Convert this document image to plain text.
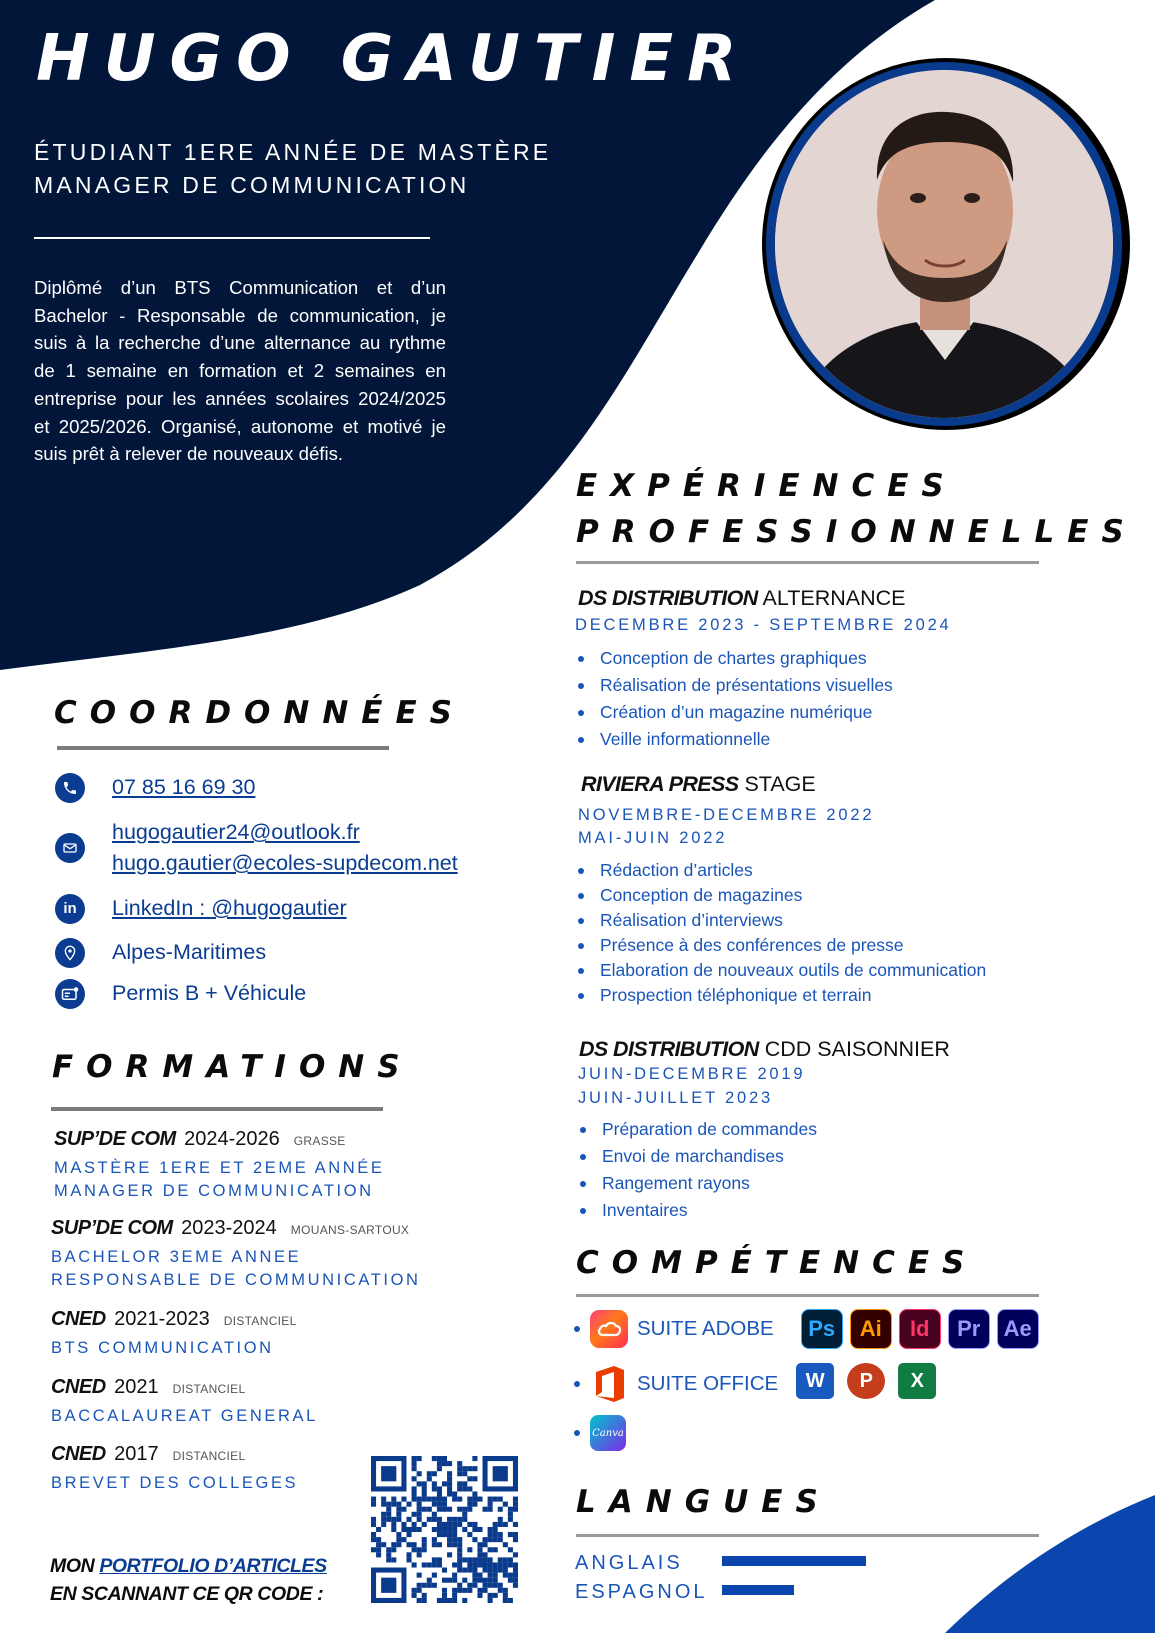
HUGO GAUTIER
ÉTUDIANT 1ERE ANNÉE DE MASTÈRE
MANAGER DE COMMUNICATION
Diplômé d’un BTS Communication et d’un Bachelor - Responsable de communication, je suis à la recherche d’une alternance au rythme de 1 semaine en formation et 2 semaines en entreprise pour les années scolaires 2024/2025 et 2025/2026. Organisé, autonome et motivé je suis prêt à relever de nouveaux défis.
COORDONNÉES
07 85 16 69 30
hugogautier24@outlook.fr
hugo.gautier@ecoles-supdecom.net
in LinkedIn : @hugogautier
Alpes-Maritimes
Permis B + Véhicule
FORMATIONS
SUP’DE COM 2024-2026 GRASSE
MASTÈRE 1ERE ET 2EME ANNÉE
MANAGER DE COMMUNICATION
SUP’DE COM 2023-2024 MOUANS-SARTOUX
BACHELOR 3EME ANNEE
RESPONSABLE DE COMMUNICATION
CNED 2021-2023 DISTANCIEL
BTS COMMUNICATION
CNED 2021 DISTANCIEL
BACCALAUREAT GENERAL
CNED 2017 DISTANCIEL
BREVET DES COLLEGES
MON PORTFOLIO D’ARTICLES
EN SCANNANT CE QR CODE :
EXPÉRIENCES
PROFESSIONNELLES
DS DISTRIBUTION ALTERNANCE
DECEMBRE 2023 - SEPTEMBRE 2024
Conception de chartes graphiques
Réalisation de présentations visuelles
Création d’un magazine numérique
Veille informationnelle
RIVIERA PRESS STAGE
NOVEMBRE-DECEMBRE 2022
MAI-JUIN 2022
Rédaction d’articles
Conception de magazines
Réalisation d’interviews
Présence à des conférences de presse
Elaboration de nouveaux outils de communication
Prospection téléphonique et terrain
DS DISTRIBUTION CDD SAISONNIER
JUIN-DECEMBRE 2019
JUIN-JUILLET 2023
Préparation de commandes
Envoi de marchandises
Rangement rayons
Inventaires
COMPÉTENCES
SUITE ADOBE	Ps	Ai	Id	Pr	Ae
SUITE OFFICE	W	P	X
Canva
LANGUES
ANGLAIS
ESPAGNOL
